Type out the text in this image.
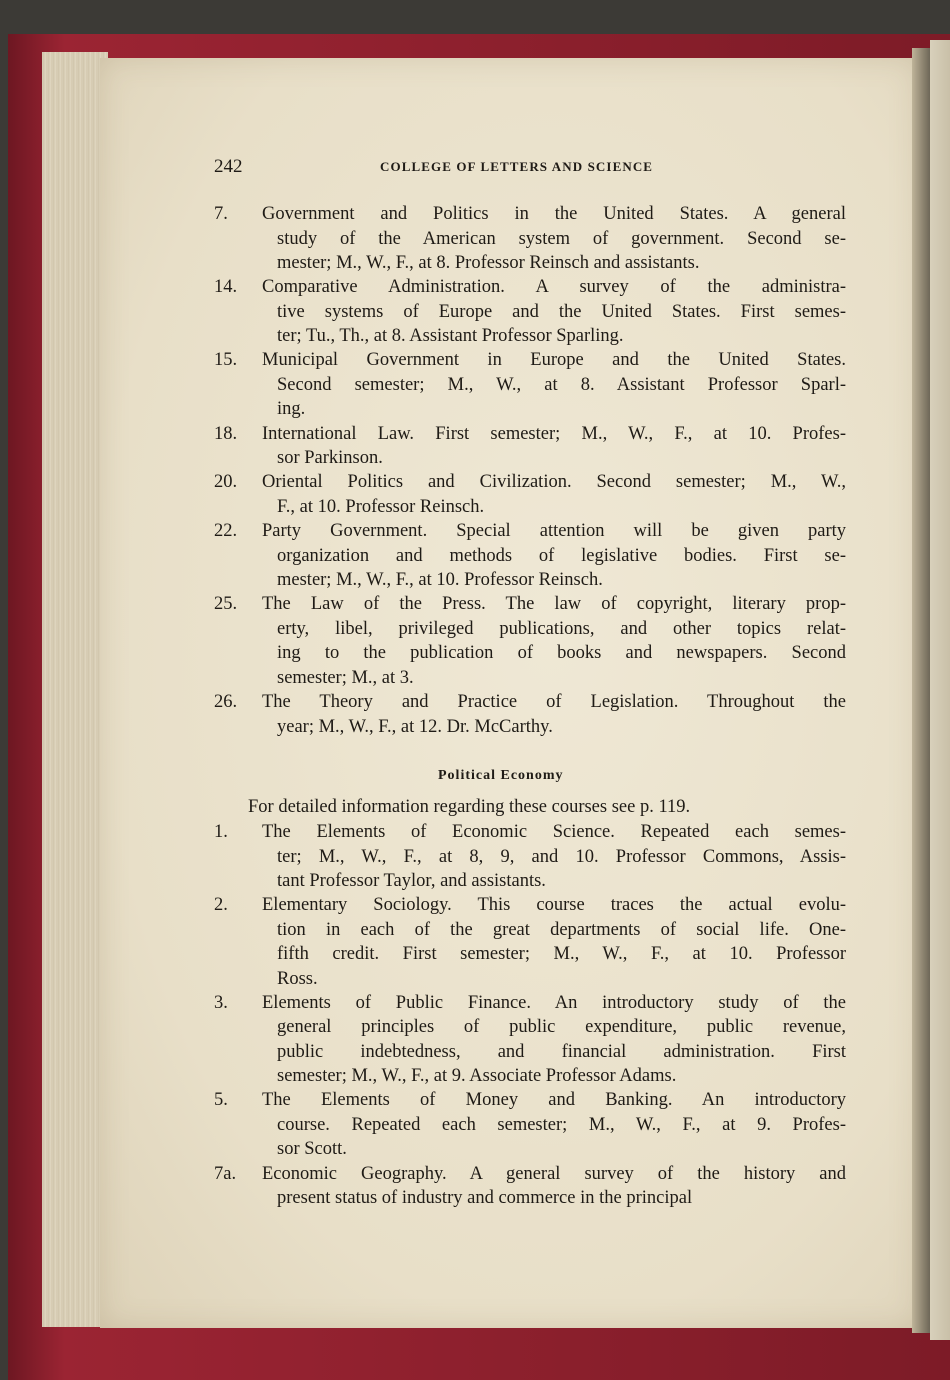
242	COLLEGE OF LETTERS AND SCIENCE
7.	Government and Politics in the United States. A general
study of the American system of government. Second se-
mester; M., W., F., at 8. Professor Reinsch and assistants.
14.	Comparative Administration. A survey of the administra-
tive systems of Europe and the United States. First semes-
ter; Tu., Th., at 8. Assistant Professor Sparling.
15.	Municipal Government in Europe and the United States.
Second semester; M., W., at 8. Assistant Professor Sparl-
ing.
18.	International Law. First semester; M., W., F., at 10. Profes-
sor Parkinson.
20.	Oriental Politics and Civilization. Second semester; M., W.,
F., at 10. Professor Reinsch.
22.	Party Government. Special attention will be given party
organization and methods of legislative bodies. First se-
mester; M., W., F., at 10. Professor Reinsch.
25.	The Law of the Press. The law of copyright, literary prop-
erty, libel, privileged publications, and other topics relat-
ing to the publication of books and newspapers. Second
semester; M., at 3.
26.	The Theory and Practice of Legislation. Throughout the
year; M., W., F., at 12. Dr. McCarthy.
Political Economy
For detailed information regarding these courses see p. 119.
1.	The Elements of Economic Science. Repeated each semes-
ter; M., W., F., at 8, 9, and 10. Professor Commons, Assis-
tant Professor Taylor, and assistants.
2.	Elementary Sociology. This course traces the actual evolu-
tion in each of the great departments of social life. One-
fifth credit. First semester; M., W., F., at 10. Professor
Ross.
3.	Elements of Public Finance. An introductory study of the
general principles of public expenditure, public revenue,
public indebtedness, and financial administration. First
semester; M., W., F., at 9. Associate Professor Adams.
5.	The Elements of Money and Banking. An introductory
course. Repeated each semester; M., W., F., at 9. Profes-
sor Scott.
7a.	Economic Geography. A general survey of the history and
present status of industry and commerce in the principal
